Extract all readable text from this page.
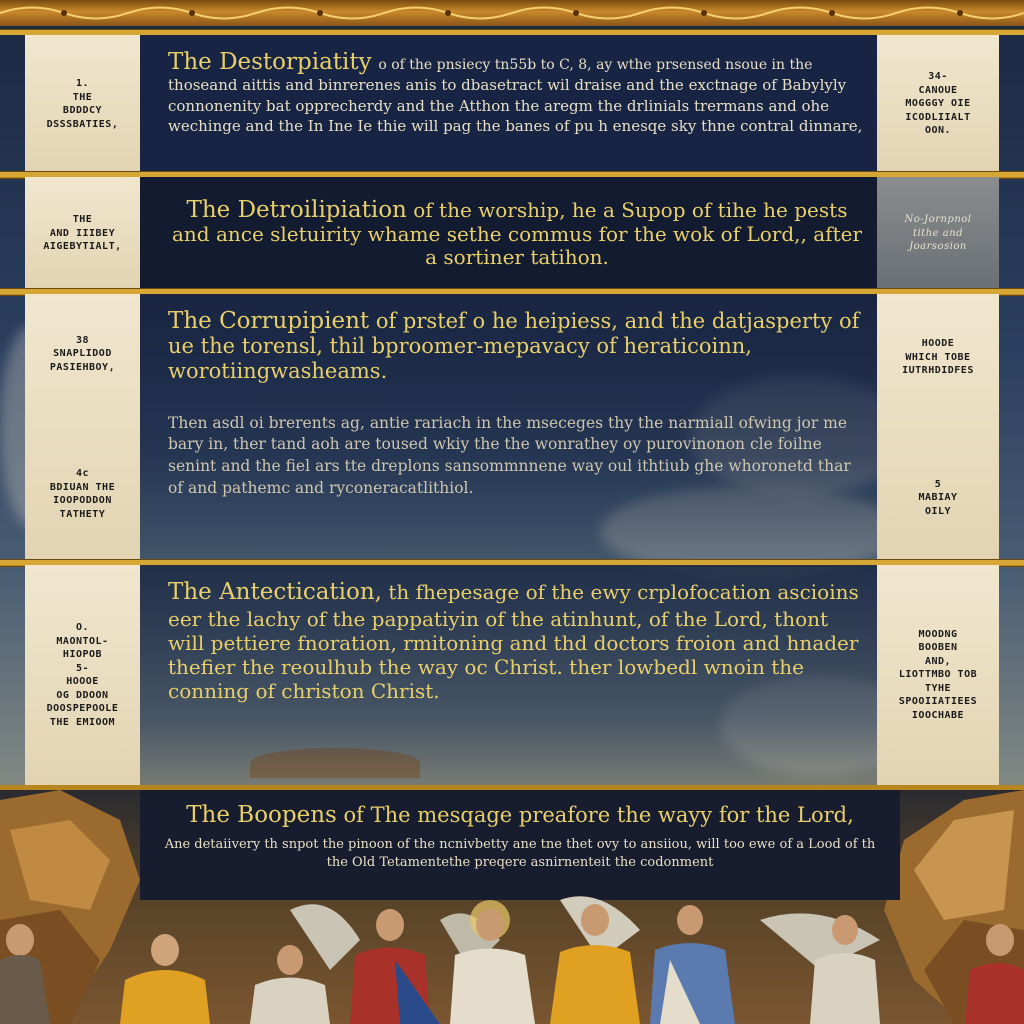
1.
THE
BDDDCY
DSSSBATIES,

The Destorpiatity o of the pnsiecy tn55b to C, 8, ay wthe prsensed nsoue in the

thoseand aittis and binrerenes anis to dbasetract wil draise and the exctnage of Babylyly connonenity bat opprecherdy and the Atthon the aregm the drlinials trermans and ohe wechinge and the In Ine Ie thie will pag the banes of pu h enesqe sky thne contral dinnare,

34-
CANOUE
MOGGGY OIE
ICODLIIALT
OON.
THE
AND IIIBEY
AIGEBYTIALT,

The Detroilipiation of the worship, he a Supop of tihe he pests and ance sletuirity whame sethe commus for the wok of Lord,, after a sortiner tatihon.

No-Jornpnol
tithe and
Joarsosion
38
SNAPLIDOD
PASIEHBOY,
4c
BDIUAN THE
IOOPODDON
TATHETY

The Corrupipient of prstef o he heipiess, and the datjasperty of ue the torensl, thil bproomer-mepavacy of heraticoinn, worotiingwasheams.

Then asdl oi brerents ag, antie rariach in the mseceges thy the narmiall ofwing jor me bary in, ther tand aoh are toused wkiy the the wonrathey oy purovinonon cle foilne senint and the fiel ars tte dreplons sansommnnene way oul ithtiub ghe whoronetd thar of and pathemc and ryconeracatlithiol.

HOODE
WHICH TOBE
IUTRHDIDFES
5
MABIAY
OILY
O.
MAONTOL-
HIOPOB
5-
HOOOE
OG DDOON
DOOSPEPOOLE
THE EMIOOM

The Antectication, th fhepesage of the ewy crplofocation ascioins eer the lachy of the pappatiyin of the atinhunt, of the Lord, thont will pettiere fnoration, rmitoning and thd doctors froion and hnader thefier the reoulhub the way oc Christ. ther lowbedl wnoin the conning of christon Christ.

MOODNG
BOOBEN
AND,
LIOTTMBO TOB
TYHE
SPOOIIATIEES
IOOCHABE

The Boopens of The mesqage preafore the wayy for the Lord,

Ane detaiivery th snpot the pinoon of the ncnivbetty ane tne thet ovy to ansiiou, will too ewe of a Lood of th the Old Tetamentethe preqere asnirnenteit the codonment
